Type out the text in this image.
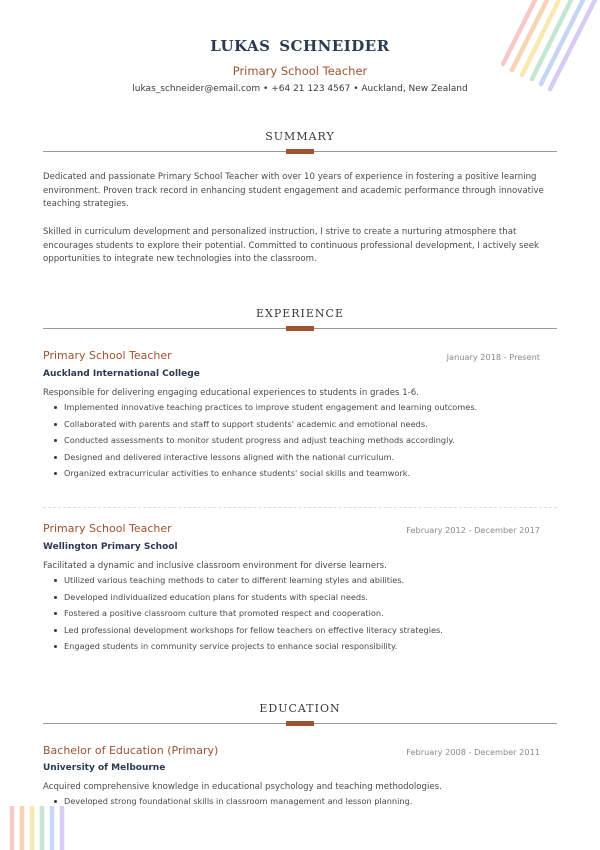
LUKAS SCHNEIDER
Primary School Teacher
lukas_schneider@email.com • +64 21 123 4567 • Auckland, New Zealand
SUMMARY
Dedicated and passionate Primary School Teacher with over 10 years of experience in fostering a positive learning environment. Proven track record in enhancing student engagement and academic performance through innovative teaching strategies.
Skilled in curriculum development and personalized instruction, I strive to create a nurturing atmosphere that encourages students to explore their potential. Committed to continuous professional development, I actively seek opportunities to integrate new technologies into the classroom.
EXPERIENCE
Primary School Teacher	January 2018 - Present
Auckland International College
Responsible for delivering engaging educational experiences to students in grades 1-6.
Implemented innovative teaching practices to improve student engagement and learning outcomes.
Collaborated with parents and staff to support students' academic and emotional needs.
Conducted assessments to monitor student progress and adjust teaching methods accordingly.
Designed and delivered interactive lessons aligned with the national curriculum.
Organized extracurricular activities to enhance students' social skills and teamwork.
Primary School Teacher	February 2012 - December 2017
Wellington Primary School
Facilitated a dynamic and inclusive classroom environment for diverse learners.
Utilized various teaching methods to cater to different learning styles and abilities.
Developed individualized education plans for students with special needs.
Fostered a positive classroom culture that promoted respect and cooperation.
Led professional development workshops for fellow teachers on effective literacy strategies.
Engaged students in community service projects to enhance social responsibility.
EDUCATION
Bachelor of Education (Primary)	February 2008 - December 2011
University of Melbourne
Acquired comprehensive knowledge in educational psychology and teaching methodologies.
Developed strong foundational skills in classroom management and lesson planning.
